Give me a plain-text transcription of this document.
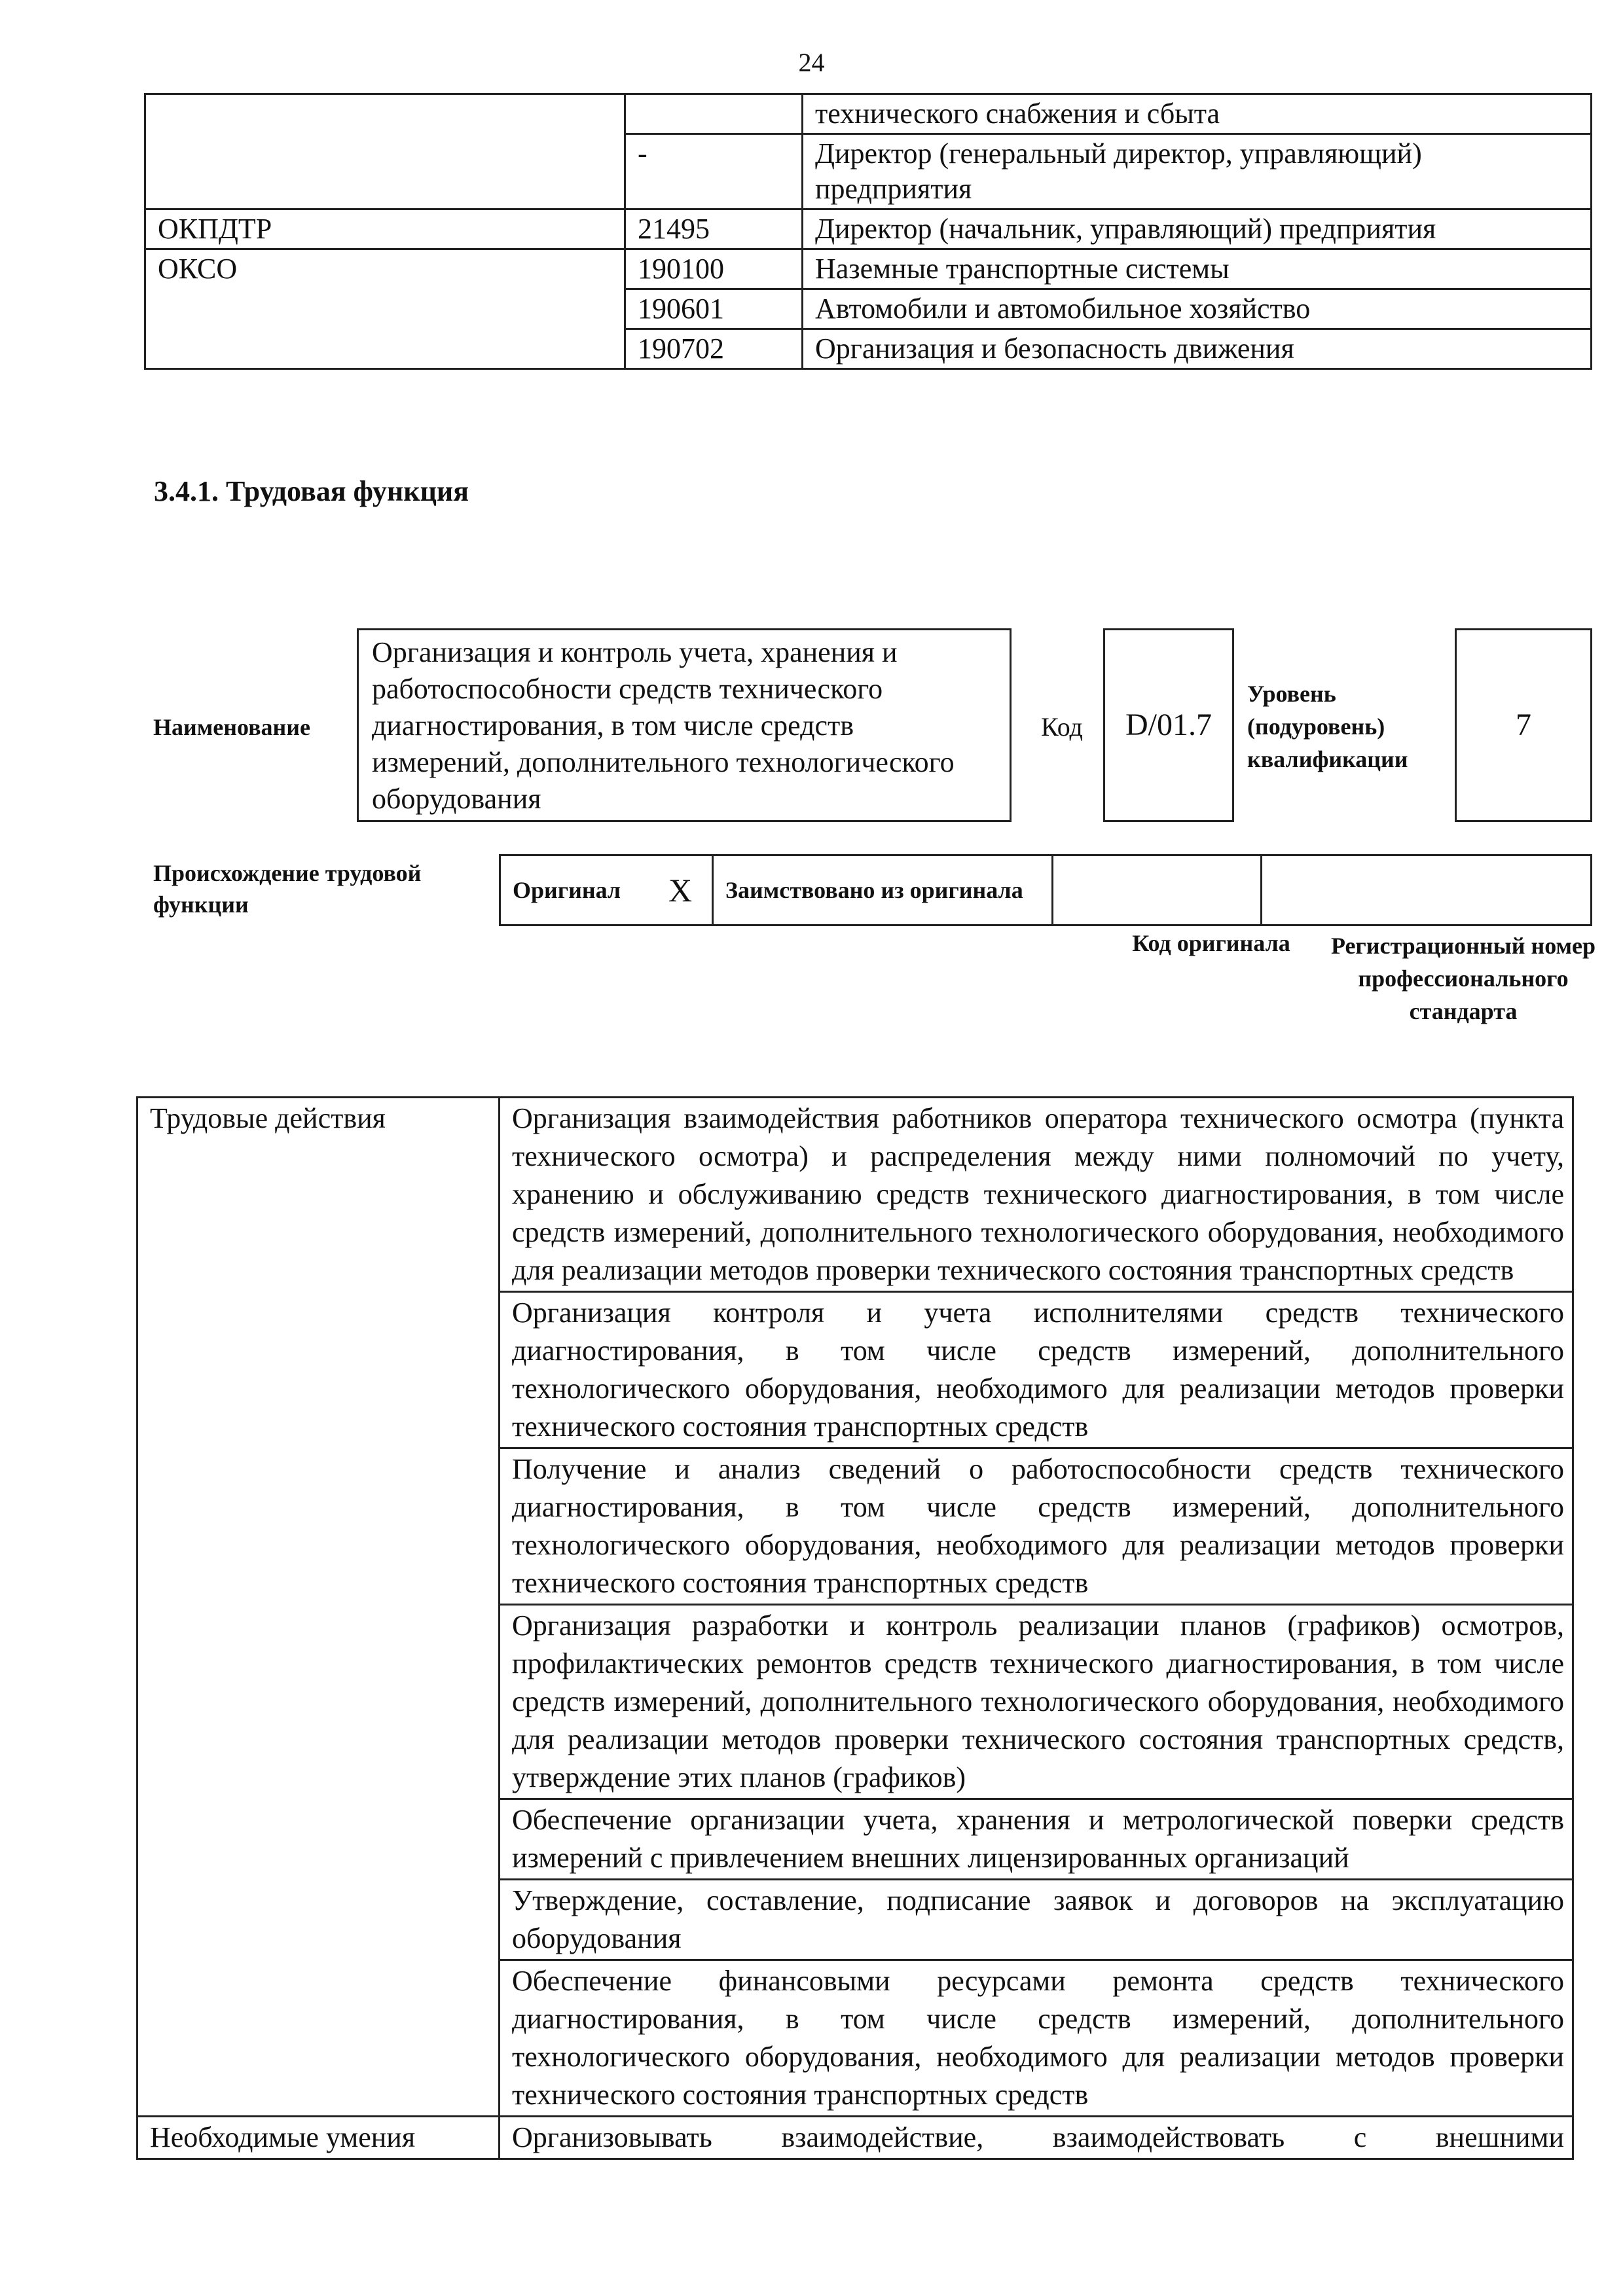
24
		технического снабжения и сбыта
	-	Директор (генеральный директор, управляющий) предприятия
ОКПДТР	21495	Директор (начальник, управляющий) предприятия
ОКСО	190100	Наземные транспортные системы
	190601	Автомобили и автомобильное хозяйство
	190702	Организация и безопасность движения
3.4.1. Трудовая функция
Наименование
Организация и контроль учета, хранения и работоспособности средств технического диагностирования, в том числе средств измерений, дополнительного технологического оборудования
Код	D/01.7
Уровень (подуровень) квалификации
7
Происхождение трудовой функции
Оригинал	X	Заимствовано из оригинала		
Код оригинала	Регистрационный номер профессионального стандарта
Трудовые действия	Организация взаимодействия работников оператора технического осмотра (пункта технического осмотра) и распределения между ними полномочий по учету, хранению и обслуживанию средств технического диагностирования, в том числе средств измерений, дополнительного технологического оборудования, необходимого для реализации методов проверки технического состояния транспортных средств
	Организация контроля и учета исполнителями средств технического диагностирования, в том числе средств измерений, дополнительного технологического оборудования, необходимого для реализации методов проверки технического состояния транспортных средств
	Получение и анализ сведений о работоспособности средств технического диагностирования, в том числе средств измерений, дополнительного технологического оборудования, необходимого для реализации методов проверки технического состояния транспортных средств
	Организация разработки и контроль реализации планов (графиков) осмотров, профилактических ремонтов средств технического диагностирования, в том числе средств измерений, дополнительного технологического оборудования, необходимого для реализации методов проверки технического состояния транспортных средств, утверждение этих планов (графиков)
	Обеспечение организации учета, хранения и метрологической поверки средств измерений с привлечением внешних лицензированных организаций
	Утверждение, составление, подписание заявок и договоров на эксплуатацию оборудования
	Обеспечение финансовыми ресурсами ремонта средств технического диагностирования, в том числе средств измерений, дополнительного технологического оборудования, необходимого для реализации методов проверки технического состояния транспортных средств
Необходимые умения	Организовывать взаимодействие, взаимодействовать с внешними
